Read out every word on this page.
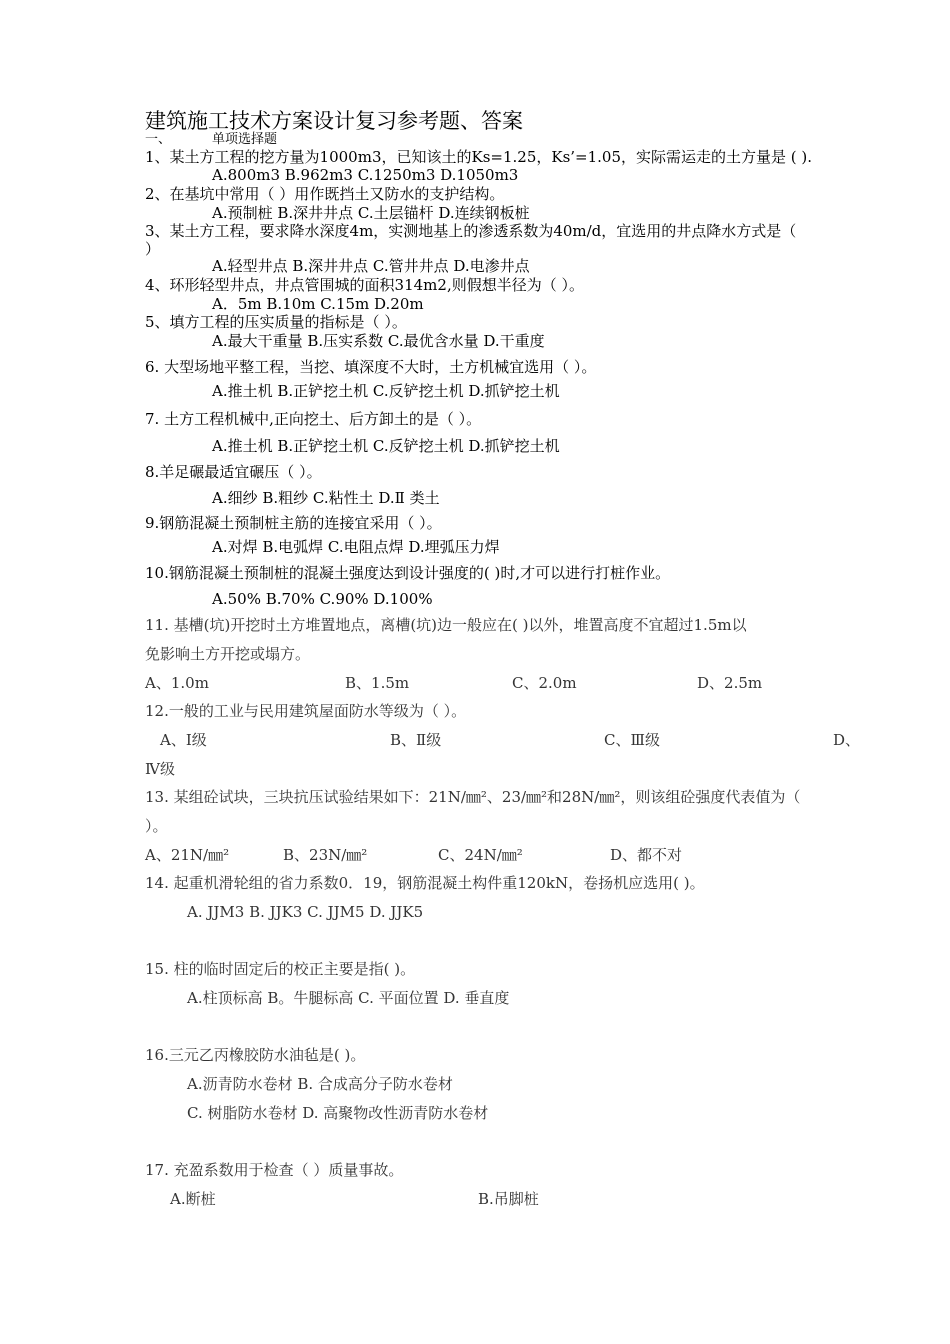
建筑施工技术方案设计复习参考题、答案
一、	单项选择题
1、某土方工程的挖方量为1000m3，已知该土的Ks=1.25，Ks’=1.05，实际需运走的土方量是 ( ).
A.800m3 B.962m3 C.1250m3 D.1050m3
2、在基坑中常用（ ）用作既挡土又防水的支护结构。
A.预制桩 B.深井井点 C.土层锚杆 D.连续钢板桩
3、某土方工程，要求降水深度4m，实测地基上的渗透系数为40m/d，宜选用的井点降水方式是（
）
A.轻型井点 B.深井井点 C.管井井点 D.电渗井点
4、环形轻型井点，井点管围城的面积314m2,则假想半径为（ ）。
A．5m B.10m C.15m D.20m
5、填方工程的压实质量的指标是（ ）。
A.最大干重量 B.压实系数 C.最优含水量 D.干重度
6. 大型场地平整工程，当挖、填深度不大时，土方机械宜选用（ ）。
A.推土机 B.正铲挖土机 C.反铲挖土机 D.抓铲挖土机
7. 土方工程机械中,正向挖土、后方卸土的是（ ）。
A.推土机 B.正铲挖土机 C.反铲挖土机 D.抓铲挖土机
8.羊足碾最适宜碾压（ ）。
A.细纱 B.粗纱 C.粘性土 D.Ⅱ 类土
9.钢筋混凝土预制桩主筋的连接宜采用（ ）。
A.对焊 B.电弧焊 C.电阻点焊 D.埋弧压力焊
10.钢筋混凝土预制桩的混凝土强度达到设计强度的( )时,才可以进行打桩作业。
A.50% B.70% C.90% D.100%
11. 基槽(坑)开挖时土方堆置地点，离槽(坑)边一般应在( )以外，堆置高度不宜超过1.5m以
免影响土方开挖或塌方。
A、1.0m	B、1.5m	C、2.0m	D、2.5m
12.一般的工业与民用建筑屋面防水等级为（ ）。
A、Ⅰ级	B、Ⅱ级	C、Ⅲ级	D、
Ⅳ级
13. 某组砼试块，三块抗压试验结果如下：21N/㎜²、23/㎜²和28N/㎜²，则该组砼强度代表值为（
）。
A、21N/㎜²	B、23N/㎜²	C、24N/㎜²	D、都不对
14. 起重机滑轮组的省力系数0．19，钢筋混凝土构件重120kN，卷扬机应选用( )。
A. JJM3 B. JJK3 C. JJM5 D. JJK5
15. 柱的临时固定后的校正主要是指( )。
A.柱顶标高 B。牛腿标高 C. 平面位置 D. 垂直度
16.三元乙丙橡胶防水油毡是( )。
A.沥青防水卷材 B. 合成高分子防水卷材
C. 树脂防水卷材 D. 高聚物改性沥青防水卷材
17. 充盈系数用于检查（ ）质量事故。
A.断桩	B.吊脚桩
